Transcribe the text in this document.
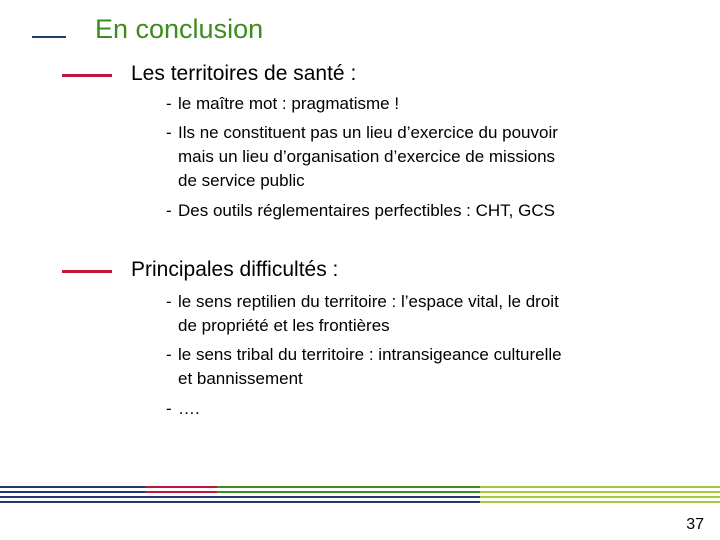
En conclusion
Les territoires de santé :
- le maître mot : pragmatisme !
- Ils ne constituent pas un lieu d’exercice du pouvoir
mais un lieu d’organisation d’exercice de missions
de service public
- Des outils réglementaires perfectibles : CHT, GCS
Principales difficultés :
- le sens reptilien du territoire : l’espace vital, le droit
de propriété et les frontières
- le sens tribal du territoire : intransigeance culturelle
et bannissement
- ….
37
